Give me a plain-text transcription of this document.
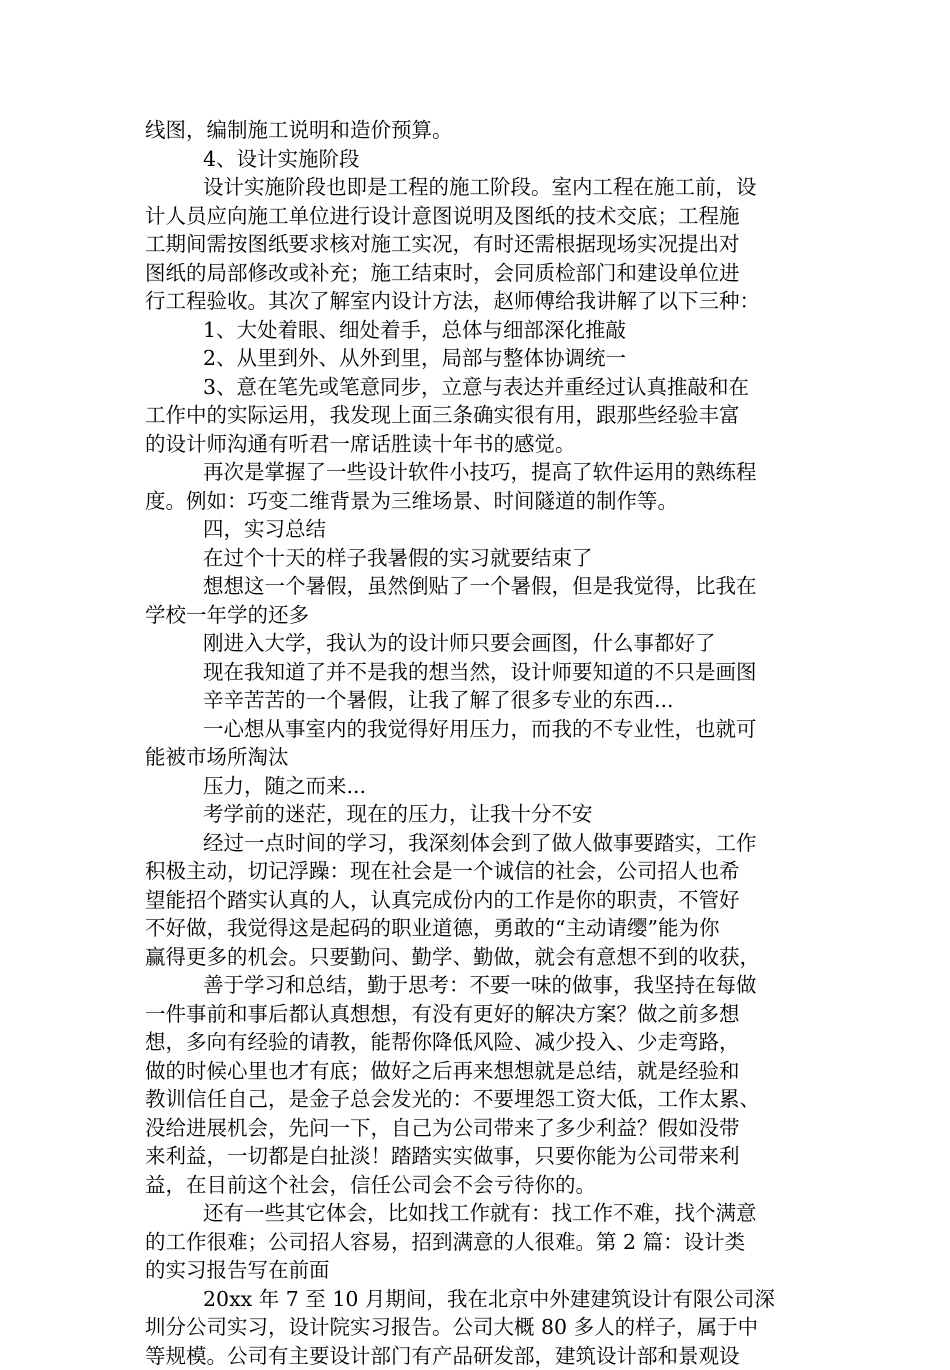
线图，编制施工说明和造价预算。
4、设计实施阶段
设计实施阶段也即是工程的施工阶段。室内工程在施工前，设
计人员应向施工单位进行设计意图说明及图纸的技术交底；工程施
工期间需按图纸要求核对施工实况，有时还需根据现场实况提出对
图纸的局部修改或补充；施工结束时，会同质检部门和建设单位进
行工程验收。其次了解室内设计方法，赵师傅给我讲解了以下三种：
1、大处着眼、细处着手，总体与细部深化推敲
2、从里到外、从外到里，局部与整体协调统一
3、意在笔先或笔意同步，立意与表达并重经过认真推敲和在
工作中的实际运用，我发现上面三条确实很有用，跟那些经验丰富
的设计师沟通有听君一席话胜读十年书的感觉。
再次是掌握了一些设计软件小技巧，提高了软件运用的熟练程
度。例如：巧变二维背景为三维场景、时间隧道的制作等。
四，实习总结
在过个十天的样子我暑假的实习就要结束了
想想这一个暑假，虽然倒贴了一个暑假，但是我觉得，比我在
学校一年学的还多
刚进入大学，我认为的设计师只要会画图，什么事都好了
现在我知道了并不是我的想当然，设计师要知道的不只是画图
辛辛苦苦的一个暑假，让我了解了很多专业的东西...
一心想从事室内的我觉得好用压力，而我的不专业性，也就可
能被市场所淘汰
压力，随之而来...
考学前的迷茫，现在的压力，让我十分不安
经过一点时间的学习，我深刻体会到了做人做事要踏实，工作
积极主动，切记浮躁：现在社会是一个诚信的社会，公司招人也希
望能招个踏实认真的人，认真完成份内的工作是你的职责，不管好
不好做，我觉得这是起码的职业道德，勇敢的“主动请缨”能为你
赢得更多的机会。只要勤问、勤学、勤做，就会有意想不到的收获，
善于学习和总结，勤于思考：不要一味的做事，我坚持在每做
一件事前和事后都认真想想，有没有更好的解决方案？做之前多想
想，多向有经验的请教，能帮你降低风险、减少投入、少走弯路，
做的时候心里也才有底；做好之后再来想想就是总结，就是经验和
教训信任自己，是金子总会发光的：不要埋怨工资大低，工作太累、
没给进展机会，先问一下，自己为公司带来了多少利益？假如没带
来利益，一切都是白扯淡！踏踏实实做事，只要你能为公司带来利
益，在目前这个社会，信任公司会不会亏待你的。
还有一些其它体会，比如找工作就有：找工作不难，找个满意
的工作很难；公司招人容易，招到满意的人很难。第 2 篇：设计类
的实习报告写在前面
20xx 年 7 至 10 月期间，我在北京中外建建筑设计有限公司深
圳分公司实习，设计院实习报告。公司大概 80 多人的样子，属于中
等规模。公司有主要设计部门有产品研发部，建筑设计部和景观设
